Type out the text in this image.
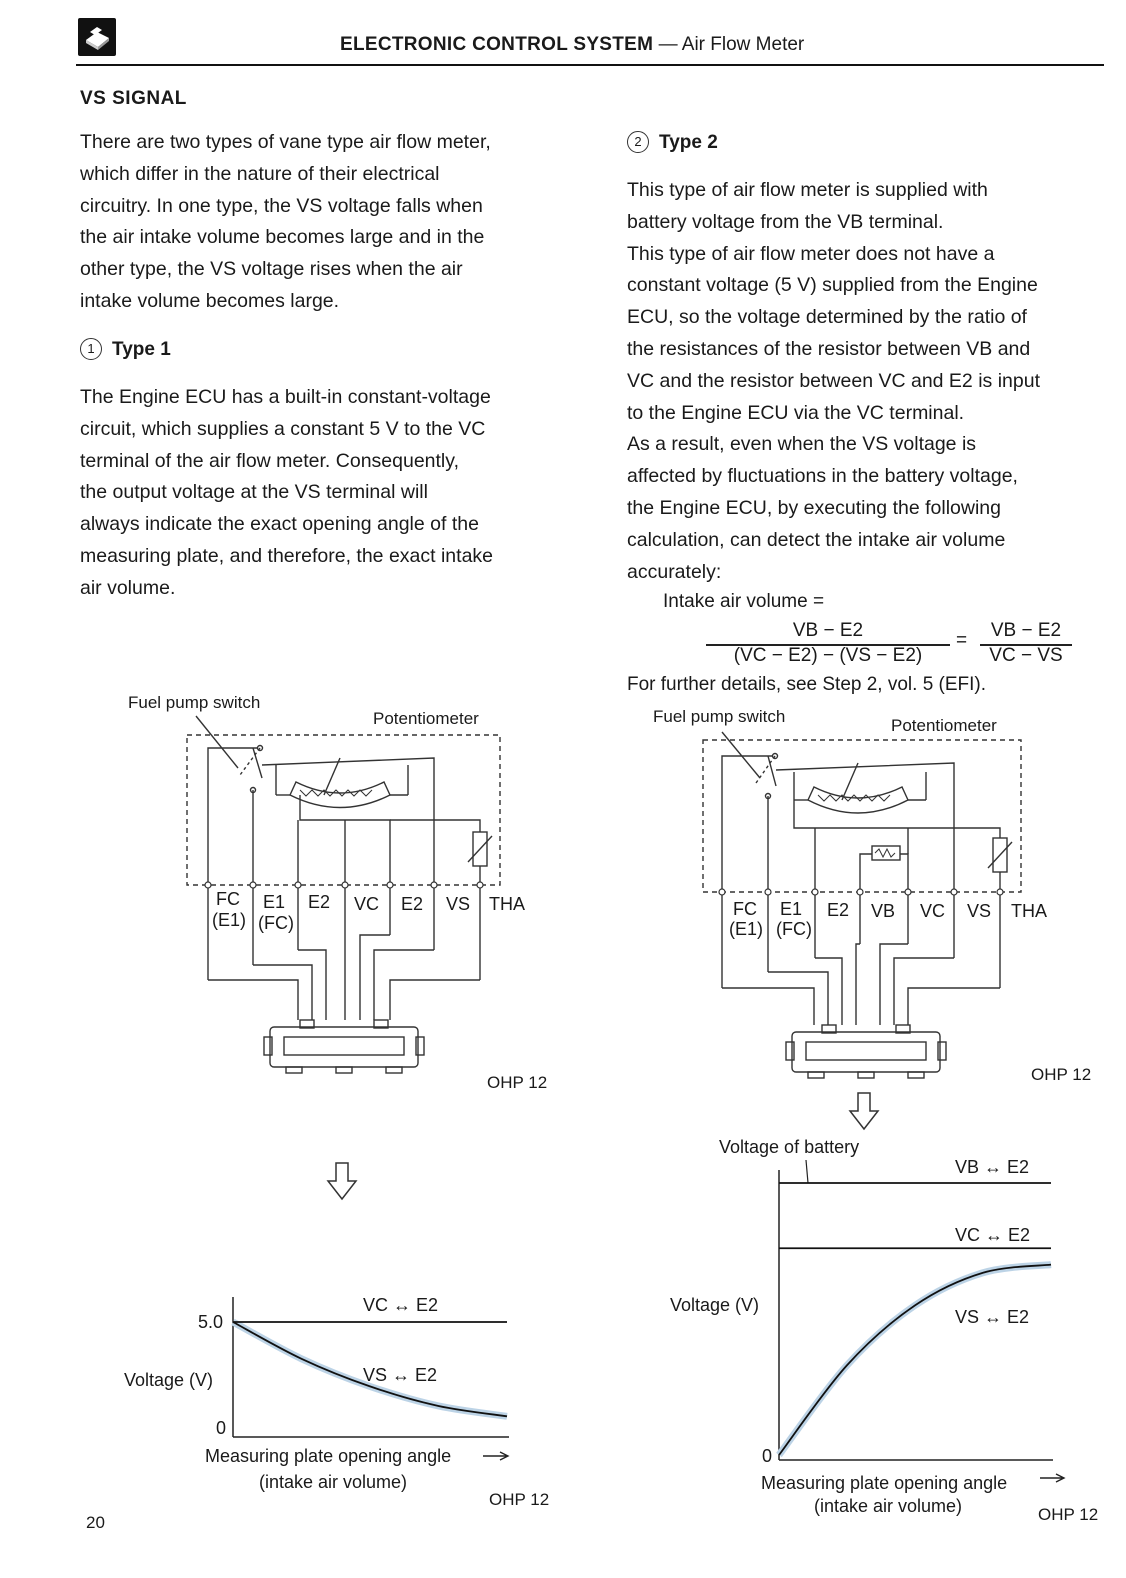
ELECTRONIC CONTROL SYSTEM — Air Flow Meter
VS SIGNAL
There are two types of vane type air flow meter,
which differ in the nature of their electrical
circuitry. In one type, the VS voltage falls when
the air intake volume becomes large and in the
other type, the VS voltage rises when the air
intake volume becomes large.
1 Type 1
The Engine ECU has a built-in constant-voltage
circuit, which supplies a constant 5 V to the VC
terminal of the air flow meter. Consequently,
the output voltage at the VS terminal will
always indicate the exact opening angle of the
measuring plate, and therefore, the exact intake
air volume.
2 Type 2
This type of air flow meter is supplied with
battery voltage from the VB terminal.
This type of air flow meter does not have a
constant voltage (5 V) supplied from the Engine
ECU, so the voltage determined by the ratio of
the resistances of the resistor between VB and
VC and the resistor between VC and E2 is input
to the Engine ECU via the VC terminal.
As a result, even when the VS voltage is
affected by fluctuations in the battery voltage,
the Engine ECU, by executing the following
calculation, can detect the intake air volume
accurately:
Intake air volume =
VB − E2
(VC − E2) − (VS − E2)
=	VB − E2
VC − VS
For further details, see Step 2, vol. 5 (EFI).
Fuel pump switch
Potentiometer
FC
(E1)
E1
(FC)
E2 VC E2 VS THA
OHP 12
Fuel pump switch	Potentiometer
FC
(E1)
E1
(FC)
E2 VB VC VS THA
OHP 12
VC ↔ E2
VS ↔ E2
5.0
0
Voltage (V)
Measuring plate opening angle
(intake air volume)
OHP 12
Voltage of battery
VB ↔ E2
VC ↔ E2
VS ↔ E2
Voltage (V)
0
Measuring plate opening angle
(intake air volume)	OHP 12
20
